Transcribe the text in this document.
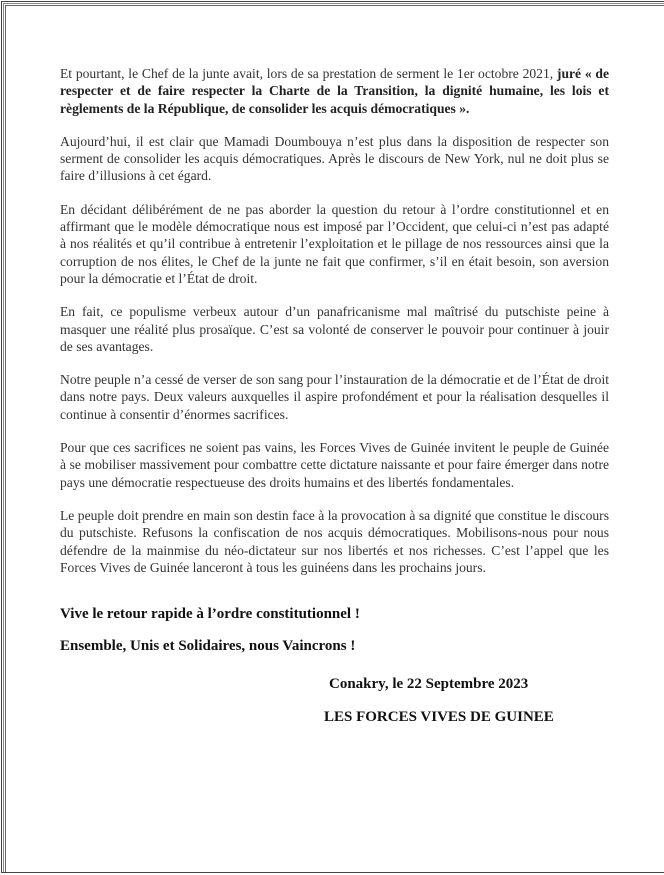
Et pourtant, le Chef de la junte avait, lors de sa prestation de serment le 1er octobre 2021, juré « de respecter et de faire respecter la Charte de la Transition, la dignité humaine, les lois et règlements de la République, de consolider les acquis démocratiques ».

Aujourd’hui, il est clair que Mamadi Doumbouya n’est plus dans la disposition de respecter son serment de consolider les acquis démocratiques. Après le discours de New York, nul ne doit plus se faire d’illusions à cet égard.

En décidant délibérément de ne pas aborder la question du retour à l’ordre constitutionnel et en affirmant que le modèle démocratique nous est imposé par l’Occident, que celui-ci n’est pas adapté à nos réalités et qu’il contribue à entretenir l’exploitation et le pillage de nos ressources ainsi que la corruption de nos élites, le Chef de la junte ne fait que confirmer, s’il en était besoin, son aversion pour la démocratie et l’État de droit.

En fait, ce populisme verbeux autour d’un panafricanisme mal maîtrisé du putschiste peine à masquer une réalité plus prosaïque. C’est sa volonté de conserver le pouvoir pour continuer à jouir de ses avantages.

Notre peuple n’a cessé de verser de son sang pour l’instauration de la démocratie et de l’État de droit dans notre pays. Deux valeurs auxquelles il aspire profondément et pour la réalisation desquelles il continue à consentir d’énormes sacrifices.

Pour que ces sacrifices ne soient pas vains, les Forces Vives de Guinée invitent le peuple de Guinée à se mobiliser massivement pour combattre cette dictature naissante et pour faire émerger dans notre pays une démocratie respectueuse des droits humains et des libertés fondamentales.

Le peuple doit prendre en main son destin face à la provocation à sa dignité que constitue le discours du putschiste. Refusons la confiscation de nos acquis démocratiques. Mobilisons-nous pour nous défendre de la mainmise du néo-dictateur sur nos libertés et nos richesses. C’est l’appel que les Forces Vives de Guinée lanceront à tous les guinéens dans les prochains jours.

Vive le retour rapide à l’ordre constitutionnel !

Ensemble, Unis et Solidaires, nous Vaincrons !

Conakry, le 22 Septembre 2023
LES FORCES VIVES DE GUINEE
